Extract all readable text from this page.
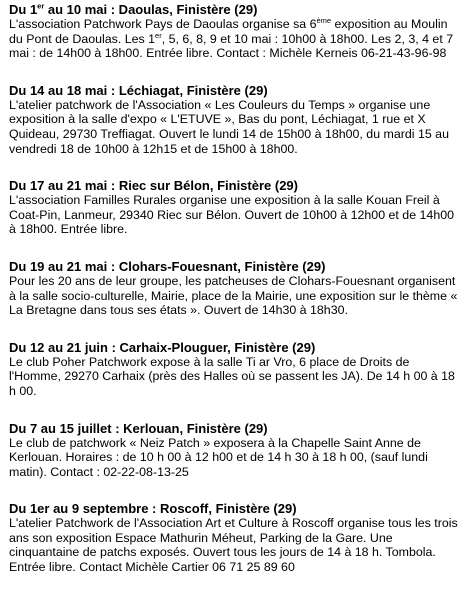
Du 1er au 10 mai : Daoulas, Finistère (29)

L'association Patchwork Pays de Daoulas organise sa 6ème exposition au Moulin du Pont de Daoulas. Les 1er, 5, 6, 8, 9 et 10 mai : 10h00 à 18h00. Les 2, 3, 4 et 7 mai : de 14h00 à 18h00. Entrée libre. Contact : Michèle Kerneis 06-21-43-96-98

Du 14 au 18 mai : Léchiagat, Finistère (29)

L'atelier patchwork de l'Association « Les Couleurs du Temps » organise une exposition à la salle d'expo « L'ETUVE », Bas du pont, Léchiagat, 1 rue et X Quideau, 29730 Treffiagat. Ouvert le lundi 14 de 15h00 à 18h00, du mardi 15 au vendredi 18 de 10h00 à 12h15 et de 15h00 à 18h00.

Du 17 au 21 mai : Riec sur Bélon, Finistère (29)

L'association Familles Rurales organise une exposition à la salle Kouan Freil à Coat-Pin, Lanmeur, 29340 Riec sur Bélon. Ouvert de 10h00 à 12h00 et de 14h00 à 18h00. Entrée libre.

Du 19 au 21 mai : Clohars-Fouesnant, Finistère (29)

Pour les 20 ans de leur groupe, les patcheuses de Clohars-Fouesnant organisent à la salle socio-culturelle, Mairie, place de la Mairie, une exposition sur le thème « La Bretagne dans tous ses états ». Ouvert de 14h30 à 18h30.

Du 12 au 21 juin : Carhaix-Plouguer, Finistère (29)

Le club Poher Patchwork expose à la salle Ti ar Vro, 6 place de Droits de l'Homme, 29270 Carhaix (près des Halles où se passent les JA). De 14 h 00 à 18 h 00.

Du 7 au 15 juillet : Kerlouan, Finistère (29)

Le club de patchwork « Neiz Patch » exposera à la Chapelle Saint Anne de Kerlouan. Horaires : de 10 h 00 à 12 h00 et de 14 h 30 à 18 h 00, (sauf lundi matin). Contact : 02-22-08-13-25

Du 1er au 9 septembre : Roscoff, Finistère (29)

L'atelier Patchwork de l'Association Art et Culture à Roscoff organise tous les trois ans son exposition Espace Mathurin Méheut, Parking de la Gare. Une cinquantaine de patchs exposés. Ouvert tous les jours de 14 à 18 h. Tombola. Entrée libre. Contact Michèle Cartier 06 71 25 89 60
